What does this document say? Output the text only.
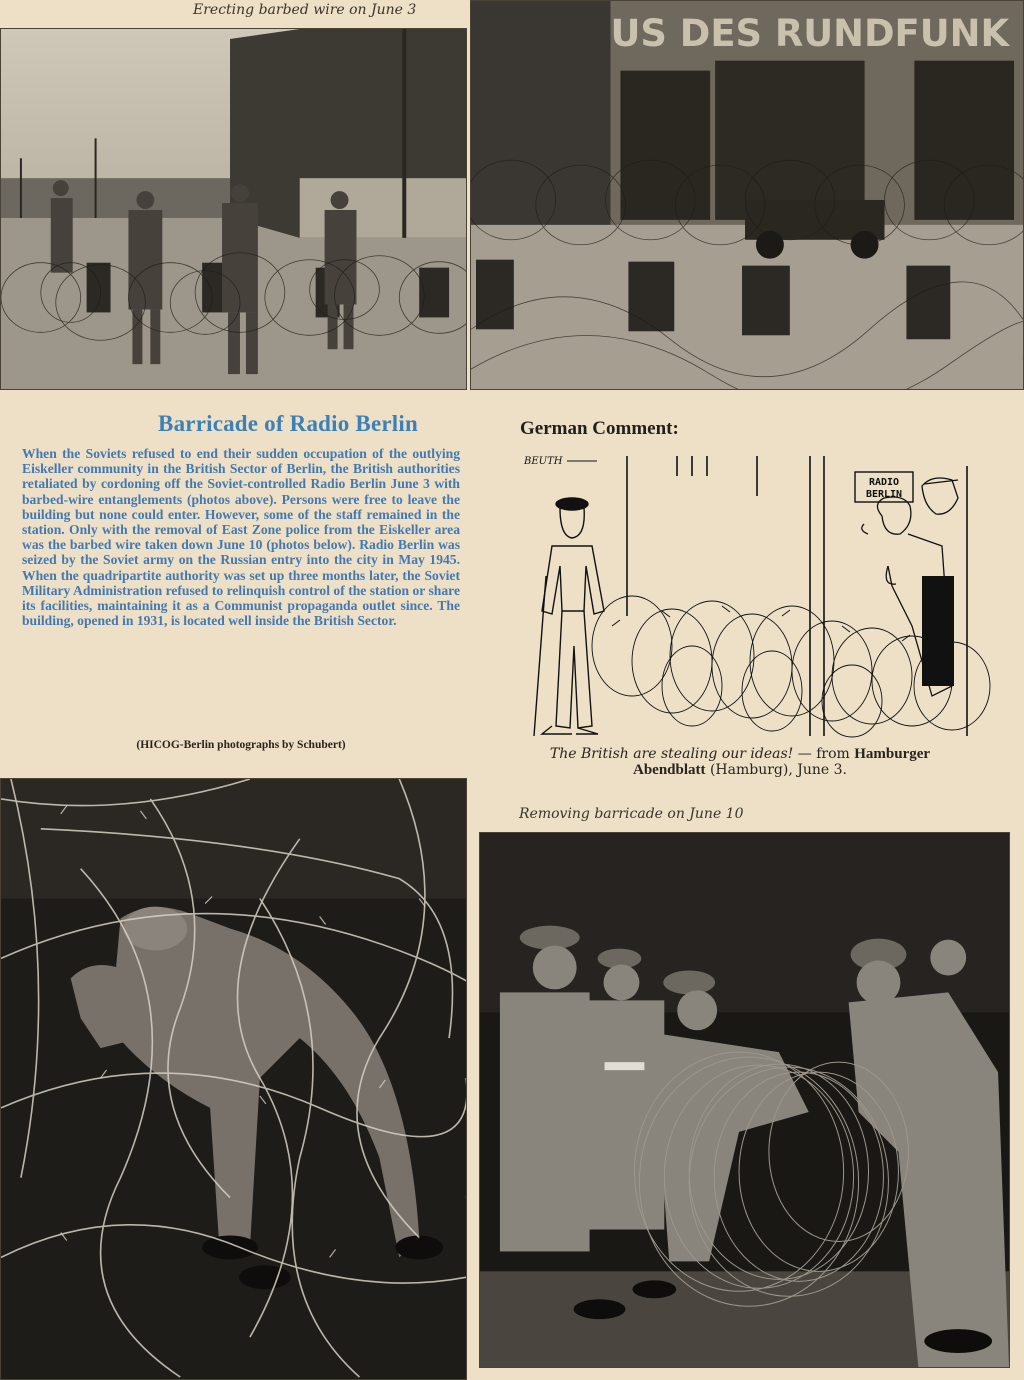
Erecting barbed wire on June 3

US DES RUNDFUNK
Barricade of Radio Berlin

When the Soviets refused to end their sudden occupation of the outlying Eiskeller community in the British Sector of Berlin, the British authorities retaliated by cordoning off the Soviet-controlled Radio Berlin June 3 with barbed-wire entanglements (photos above). Persons were free to leave the building but none could enter. However, some of the staff remained in the station. Only with the removal of East Zone police from the Eiskeller area was the barbed wire taken down June 10 (photos below). Radio Berlin was seized by the Soviet army on the Russian entry into the city in May 1945. When the quadripartite authority was set up three months later, the Soviet Military Administration refused to relinquish control of the station or share its facilities, maintaining it as a Communist propaganda outlet since. The building, opened in 1931, is located well inside the British Sector.

(HICOG-Berlin photographs by Schubert)

German Comment:
BEUTH
RADIO
BERLIN

The British are stealing our ideas! — from Hamburger Abendblatt (Hamburg), June 3.

Removing barricade on June 10
